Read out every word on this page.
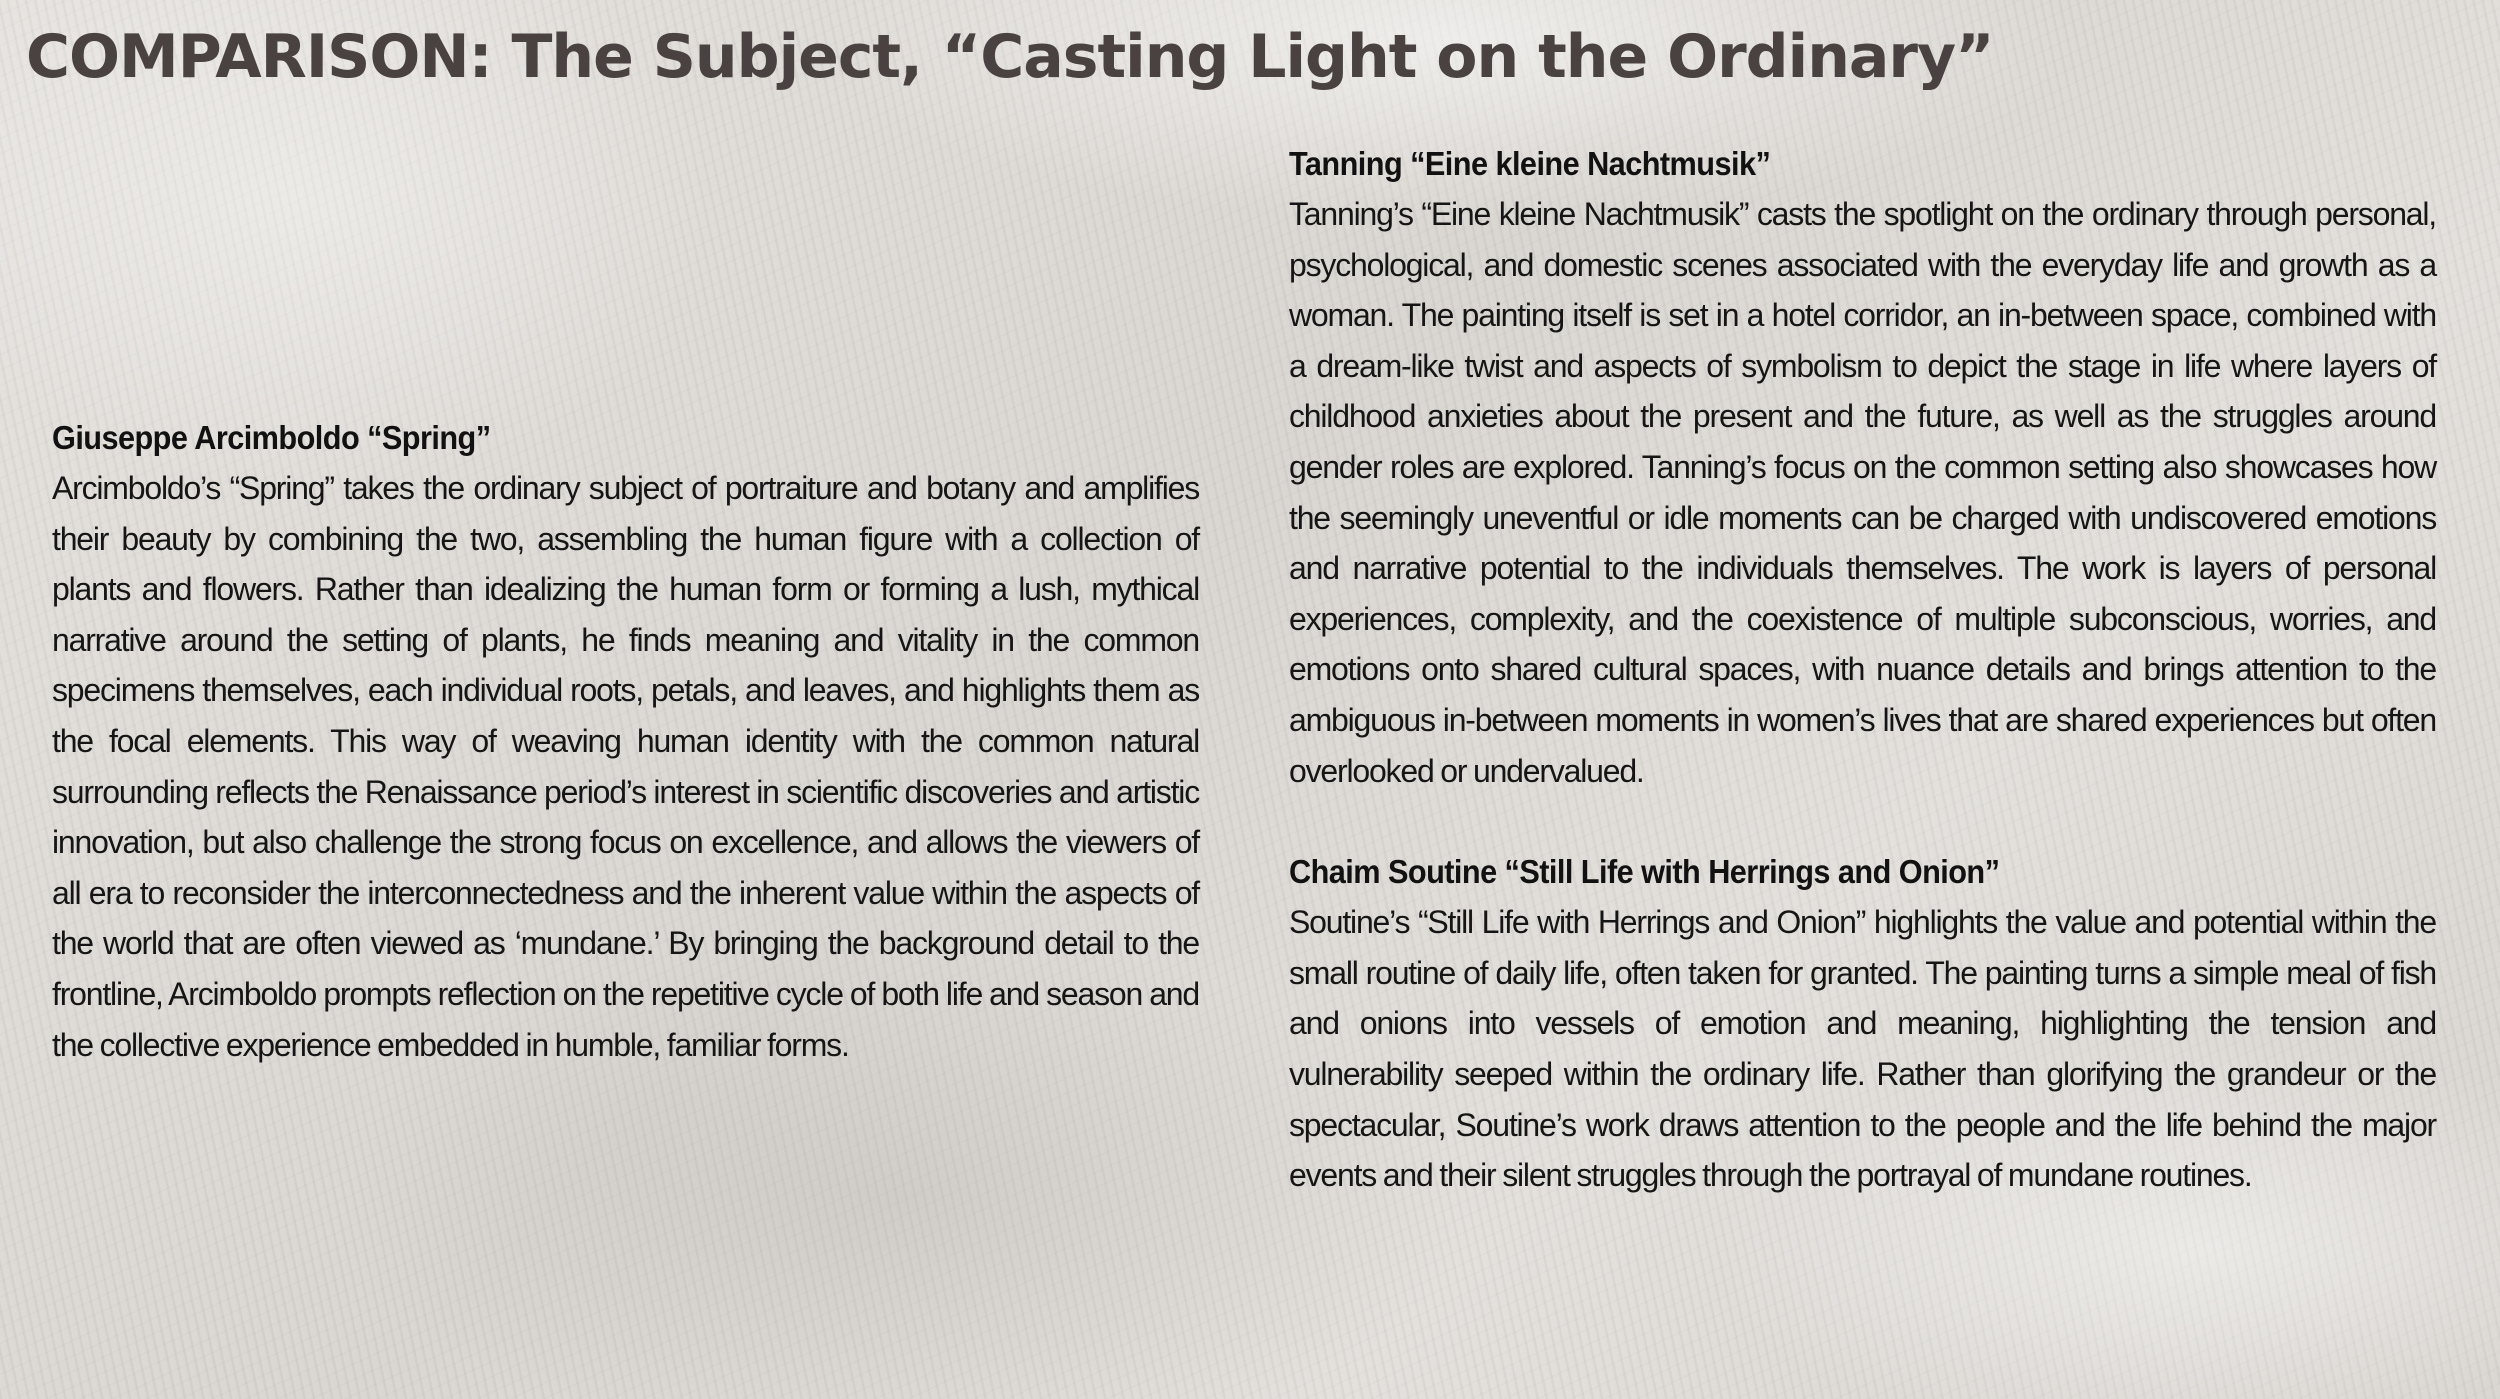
COMPARISON: The Subject, “Casting Light on the Ordinary”
Giuseppe Arcimboldo “Spring”

Arcimboldo’s “Spring” takes the ordinary subject of portraiture and botany and amplifies their beauty by combining the two, assembling the human figure with a collection of plants and flowers. Rather than idealizing the human form or forming a lush, mythical narrative around the setting of plants, he finds meaning and vitality in the common specimens themselves, each individual roots, petals, and leaves, and highlights them as the focal elements. This way of weaving human identity with the common natural surrounding reflects the Renaissance period’s interest in scientific discoveries and artistic innovation, but also challenge the strong focus on excellence, and allows the viewers of all era to reconsider the interconnectedness and the inherent value within the aspects of the world that are often viewed as ‘mundane.’ By bringing the background detail to the frontline, Arcimboldo prompts reflection on the repetitive cycle of both life and season and the collective experience embedded in humble, familiar forms.

Tanning “Eine kleine Nachtmusik”

Tanning’s “Eine kleine Nachtmusik” casts the spotlight on the ordinary through personal, psychological, and domestic scenes associated with the everyday life and growth as a woman. The painting itself is set in a hotel corridor, an in-between space, combined with a dream-like twist and aspects of symbolism to depict the stage in life where layers of childhood anxieties about the present and the future, as well as the struggles around gender roles are explored. Tanning’s focus on the common setting also showcases how the seemingly uneventful or idle moments can be charged with undiscovered emotions and narrative potential to the individuals themselves. The work is layers of personal experiences, complexity, and the coexistence of multiple subconscious, worries, and emotions onto shared cultural spaces, with nuance details and brings attention to the ambiguous in-between moments in women’s lives that are shared experiences but often overlooked or undervalued.

Chaim Soutine “Still Life with Herrings and Onion”

Soutine’s “Still Life with Herrings and Onion” highlights the value and potential within the small routine of daily life, often taken for granted. The painting turns a simple meal of fish and onions into vessels of emotion and meaning, highlighting the tension and vulnerability seeped within the ordinary life. Rather than glorifying the grandeur or the spectacular, Soutine’s work draws attention to the people and the life behind the major events and their silent struggles through the portrayal of mundane routines.
